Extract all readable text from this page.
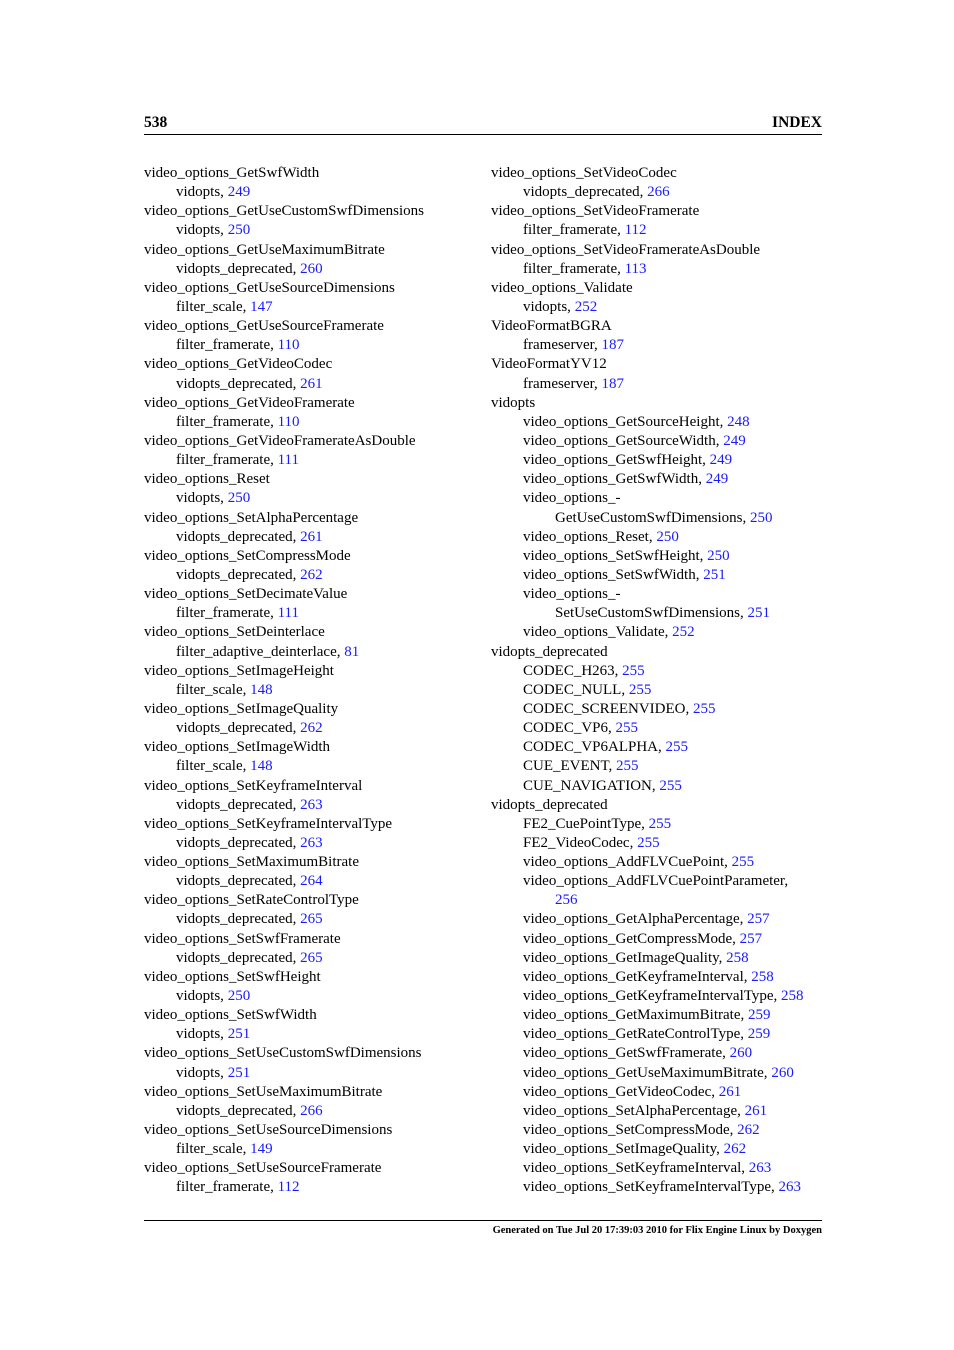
538	INDEX
video_options_GetSwfWidth
vidopts, 249
video_options_GetUseCustomSwfDimensions
vidopts, 250
video_options_GetUseMaximumBitrate
vidopts_deprecated, 260
video_options_GetUseSourceDimensions
filter_scale, 147
video_options_GetUseSourceFramerate
filter_framerate, 110
video_options_GetVideoCodec
vidopts_deprecated, 261
video_options_GetVideoFramerate
filter_framerate, 110
video_options_GetVideoFramerateAsDouble
filter_framerate, 111
video_options_Reset
vidopts, 250
video_options_SetAlphaPercentage
vidopts_deprecated, 261
video_options_SetCompressMode
vidopts_deprecated, 262
video_options_SetDecimateValue
filter_framerate, 111
video_options_SetDeinterlace
filter_adaptive_deinterlace, 81
video_options_SetImageHeight
filter_scale, 148
video_options_SetImageQuality
vidopts_deprecated, 262
video_options_SetImageWidth
filter_scale, 148
video_options_SetKeyframeInterval
vidopts_deprecated, 263
video_options_SetKeyframeIntervalType
vidopts_deprecated, 263
video_options_SetMaximumBitrate
vidopts_deprecated, 264
video_options_SetRateControlType
vidopts_deprecated, 265
video_options_SetSwfFramerate
vidopts_deprecated, 265
video_options_SetSwfHeight
vidopts, 250
video_options_SetSwfWidth
vidopts, 251
video_options_SetUseCustomSwfDimensions
vidopts, 251
video_options_SetUseMaximumBitrate
vidopts_deprecated, 266
video_options_SetUseSourceDimensions
filter_scale, 149
video_options_SetUseSourceFramerate
filter_framerate, 112
video_options_SetVideoCodec
vidopts_deprecated, 266
video_options_SetVideoFramerate
filter_framerate, 112
video_options_SetVideoFramerateAsDouble
filter_framerate, 113
video_options_Validate
vidopts, 252
VideoFormatBGRA
frameserver, 187
VideoFormatYV12
frameserver, 187
vidopts
video_options_GetSourceHeight, 248
video_options_GetSourceWidth, 249
video_options_GetSwfHeight, 249
video_options_GetSwfWidth, 249
video_options_-
GetUseCustomSwfDimensions, 250
video_options_Reset, 250
video_options_SetSwfHeight, 250
video_options_SetSwfWidth, 251
video_options_-
SetUseCustomSwfDimensions, 251
video_options_Validate, 252
vidopts_deprecated
CODEC_H263, 255
CODEC_NULL, 255
CODEC_SCREENVIDEO, 255
CODEC_VP6, 255
CODEC_VP6ALPHA, 255
CUE_EVENT, 255
CUE_NAVIGATION, 255
vidopts_deprecated
FE2_CuePointType, 255
FE2_VideoCodec, 255
video_options_AddFLVCuePoint, 255
video_options_AddFLVCuePointParameter,
256
video_options_GetAlphaPercentage, 257
video_options_GetCompressMode, 257
video_options_GetImageQuality, 258
video_options_GetKeyframeInterval, 258
video_options_GetKeyframeIntervalType, 258
video_options_GetMaximumBitrate, 259
video_options_GetRateControlType, 259
video_options_GetSwfFramerate, 260
video_options_GetUseMaximumBitrate, 260
video_options_GetVideoCodec, 261
video_options_SetAlphaPercentage, 261
video_options_SetCompressMode, 262
video_options_SetImageQuality, 262
video_options_SetKeyframeInterval, 263
video_options_SetKeyframeIntervalType, 263
Generated on Tue Jul 20 17:39:03 2010 for Flix Engine Linux by Doxygen
